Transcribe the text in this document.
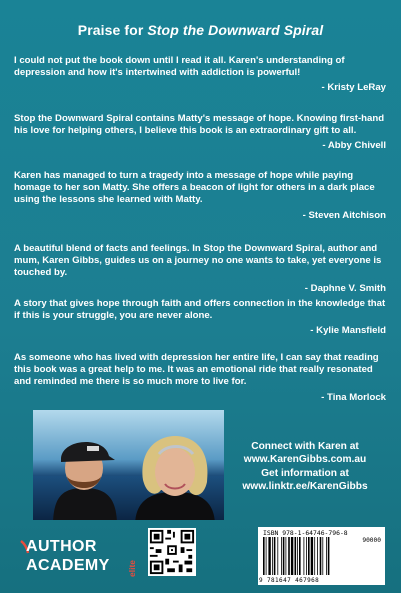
Praise for Stop the Downward Spiral

I could not put the book down until I read it all. Karen's understanding of depression and how it's intertwined with addiction is powerful!

- Kristy LeRay

Stop the Downward Spiral contains Matty's message of hope. Knowing first-hand his love for helping others, I believe this book is an extraordinary gift to all.

- Abby Chivell

Karen has managed to turn a tragedy into a message of hope while paying homage to her son Matty. She offers a beacon of light for others in a dark place using the lessons she learned with Matty.

- Steven Aitchison

A beautiful blend of facts and feelings. In Stop the Downward Spiral, author and mum, Karen Gibbs, guides us on a journey no one wants to take, yet everyone is touched by.

- Daphne V. Smith

A story that gives hope through faith and offers connection in the knowledge that if this is your struggle, you are never alone.

- Kylie Mansfield

As someone who has lived with depression her entire life, I can say that reading this book was a great help to me. It was an emotional ride that really resonated and reminded me there is so much more to live for.

- Tina Morlock

Connect with Karen at

www.KarenGibbs.com.au

Get information at

www.linktr.ee/KarenGibbs

AUTHOR
ACADEMY elite
ISBN 978-1-64746-796-8
90000
9 781647 467968
